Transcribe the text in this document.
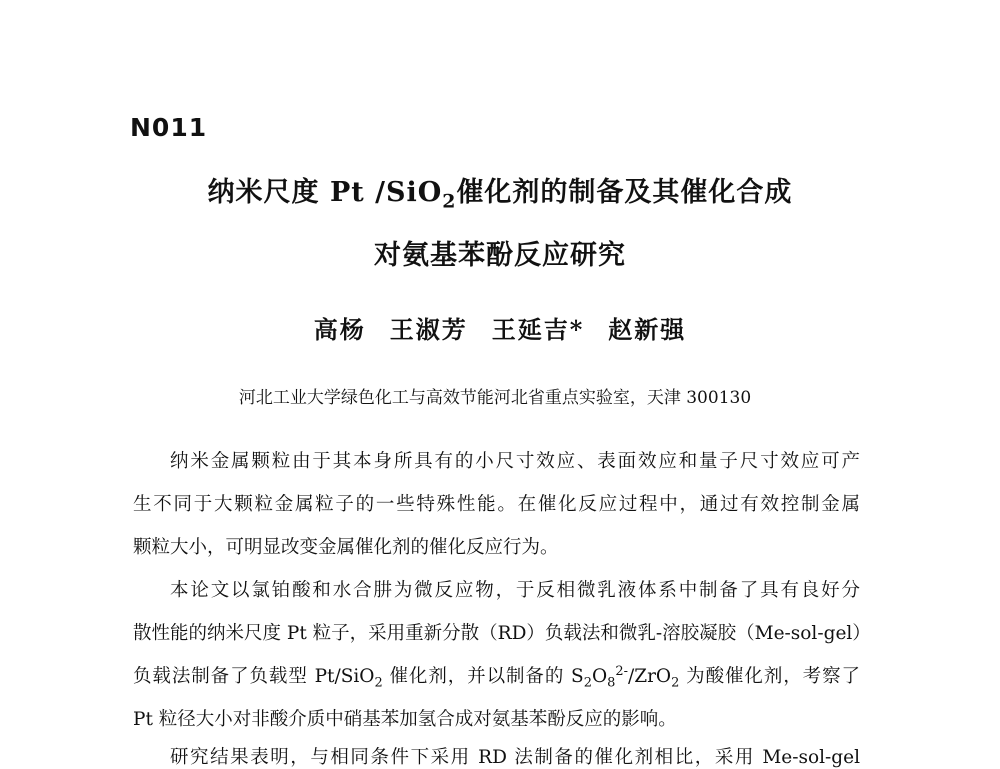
N011
纳米尺度 Pt /SiO$_2$催化剂的制备及其催化合成
对氨基苯酚反应研究
高杨 王淑芳 王延吉* 赵新强
河北工业大学绿色化工与高效节能河北省重点实验室，天津 300130
纳米金属颗粒由于其本身所具有的小尺寸效应、表面效应和量子尺寸效应可产
生不同于大颗粒金属粒子的一些特殊性能。在催化反应过程中，通过有效控制金属
颗粒大小，可明显改变金属催化剂的催化反应行为。
本论文以氯铂酸和水合肼为微反应物，于反相微乳液体系中制备了具有良好分
散性能的纳米尺度 Pt 粒子，采用重新分散（RD）负载法和微乳-溶胶凝胶（Me-sol-gel）
负载法制备了负载型 Pt/SiO$_2$ 催化剂，并以制备的 $S_2O_8^{2-}/ZrO_2$ 为酸催化剂，考察了
Pt 粒径大小对非酸介质中硝基苯加氢合成对氨基苯酚反应的影响。
研究结果表明，与相同条件下采用 RD 法制备的催化剂相比，采用 Me-sol-gel
